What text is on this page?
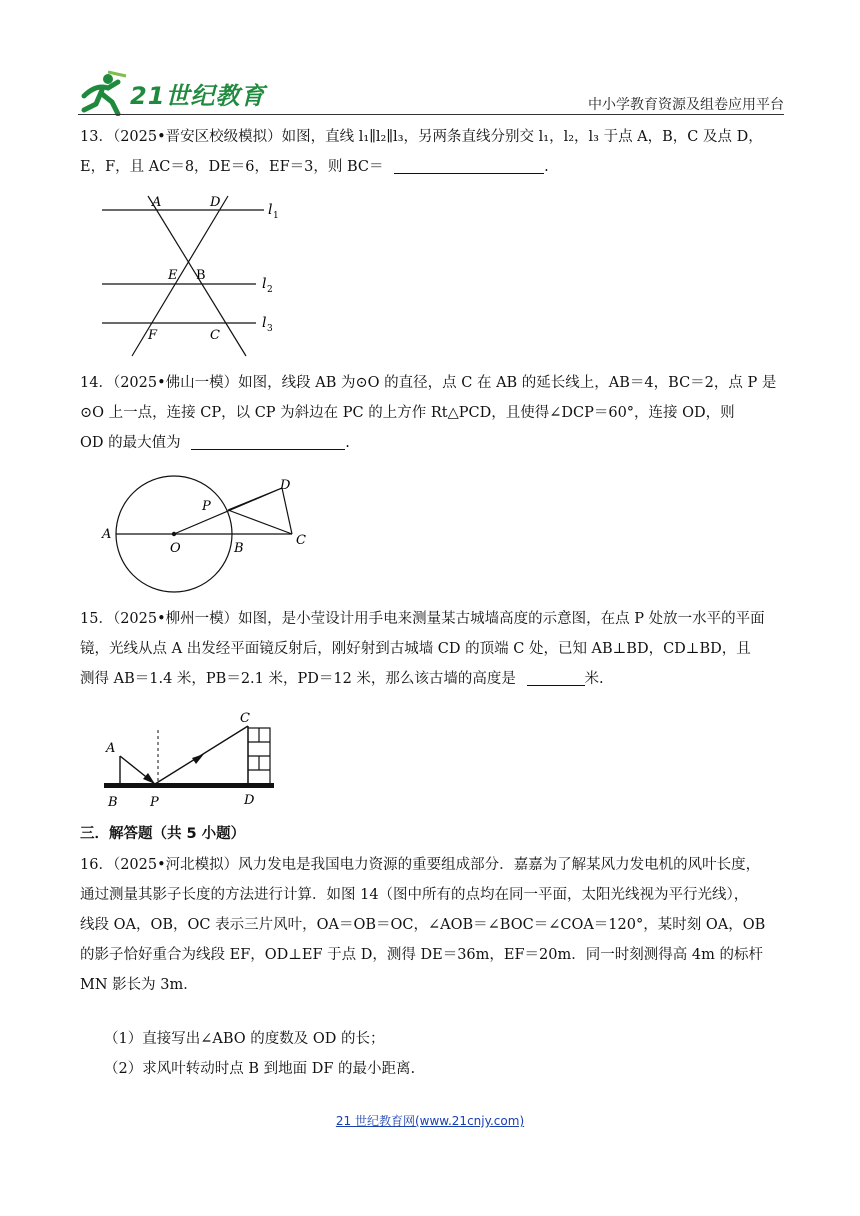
21世纪教育	中小学教育资源及组卷应用平台
13．（2025•晋安区校级模拟）如图，直线 l₁∥l₂∥l₃，另两条直线分别交 l₁，l₂，l₃ 于点 A，B，C 及点 D，
E，F，且 AC＝8，DE＝6，EF＝3，则 BC＝	.
A	D
E B
F	C
l 1
l 2
l 3
14．（2025•佛山一模）如图，线段 AB 为⊙O 的直径，点 C 在 AB 的延长线上，AB＝4，BC＝2，点 P 是
⊙O 上一点，连接 CP，以 CP 为斜边在 PC 的上方作 Rt△PCD，且使得∠DCP＝60°，连接 OD，则
OD 的最大值为	.
A
O	B
C
P
D
15．（2025•柳州一模）如图，是小莹设计用手电来测量某古城墙高度的示意图，在点 P 处放一水平的平面
镜，光线从点 A 出发经平面镜反射后，刚好射到古城墙 CD 的顶端 C 处，已知 AB⊥BD，CD⊥BD，且
测得 AB＝1.4 米，PB＝2.1 米，PD＝12 米，那么该古墙的高度是	米.
A
B P
C
D
三．解答题（共 5 小题）
16．（2025•河北模拟）风力发电是我国电力资源的重要组成部分．嘉嘉为了解某风力发电机的风叶长度，
通过测量其影子长度的方法进行计算．如图 14（图中所有的点均在同一平面，太阳光线视为平行光线），
线段 OA，OB，OC 表示三片风叶，OA＝OB＝OC，∠AOB＝∠BOC＝∠COA＝120°，某时刻 OA，OB
的影子恰好重合为线段 EF，OD⊥EF 于点 D，测得 DE＝36m，EF＝20m．同一时刻测得高 4m 的标杆
MN 影长为 3m．
（1）直接写出∠ABO 的度数及 OD 的长；
（2）求风叶转动时点 B 到地面 DF 的最小距离.
21 世纪教育网(www.21cnjy.com)
